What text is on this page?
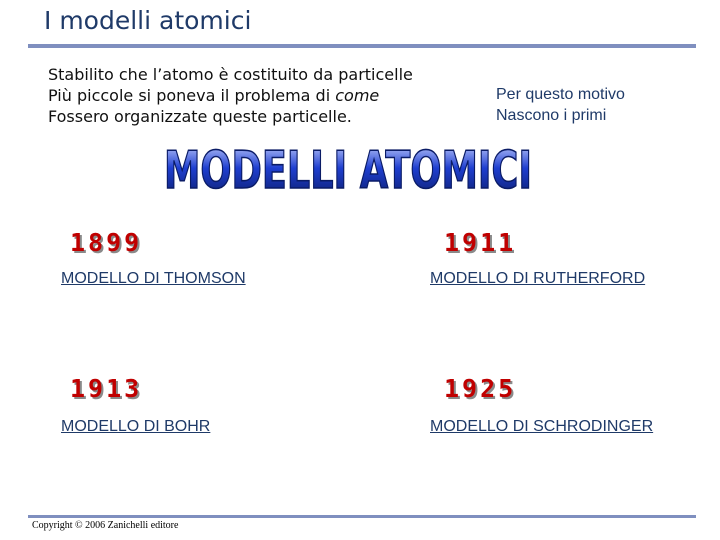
I modelli atomici
Stabilito che l’atomo è costituito da particelle
Più piccole si poneva il problema di come
Fossero organizzate queste particelle.
Per questo motivo
Nascono i primi
MODELLI ATOMICI
1899
MODELLO DI THOMSON
1911
MODELLO DI RUTHERFORD
1913
MODELLO DI BOHR
1925
MODELLO DI SCHRODINGER
Copyright © 2006 Zanichelli editore
